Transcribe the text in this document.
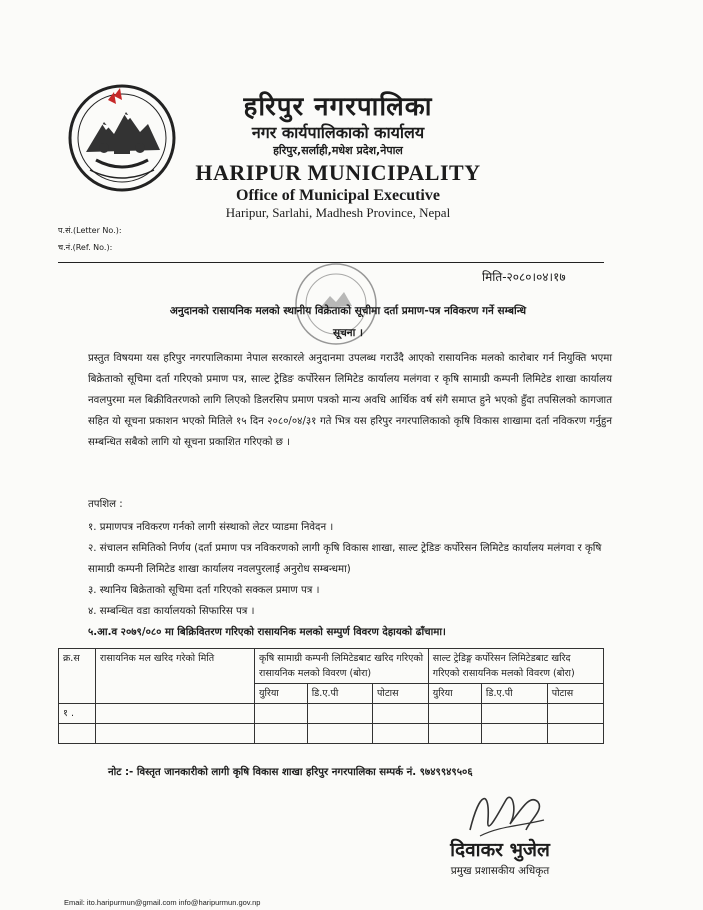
हरिपुर नगरपालिका
नगर कार्यपालिकाको कार्यालय
हरिपुर,सर्लाही,मधेश प्रदेश,नेपाल
HARIPUR MUNICIPALITY
Office of Municipal Executive
Haripur, Sarlahi, Madhesh Province, Nepal
प.सं.(Letter No.):
च.नं.(Ref. No.):
मिति-२०८०।०४।१७
अनुदानको रासायनिक मलको स्थानीय विक्रेताको सूचीमा दर्ता प्रमाण-पत्र नविकरण गर्ने सम्बन्धि
सूचना ।
प्रस्तुत विषयमा यस हरिपुर नगरपालिकामा नेपाल सरकारले अनुदानमा उपलब्ध गराउँदै आएको रासायनिक मलको कारोबार गर्न नियुक्ति भएमा बिक्रेताको सूचिमा दर्ता गरिएको प्रमाण पत्र, साल्ट ट्रेडिङ कर्पोरेसन लिमिटेड कार्यालय मलंगवा र कृषि सामाग्री कम्पनी लिमिटेड शाखा कार्यालय नवलपुरमा मल बिक्रीवितरणको लागि लिएको डिलरसिप प्रमाण पत्रको मान्य अवधि आर्थिक वर्ष संगै समाप्त हुने भएको हुँदा तपसिलको कागजात सहित यो सूचना प्रकाशन भएको मितिले १५ दिन २०८०/०४/३१ गते भित्र यस हरिपुर नगरपालिकाको कृषि विकास शाखामा दर्ता नविकरण गर्नुहुन सम्बन्धित सबैको लागि यो सूचना प्रकाशित गरिएको छ ।
तपशिल :
१. प्रमाणपत्र नविकरण गर्नको लागी संस्थाको लेटर प्याडमा निवेदन ।
२. संचालन समितिको निर्णय (दर्ता प्रमाण पत्र नविकरणको लागी कृषि विकास शाखा, साल्ट ट्रेडिङ कर्पोरेसन लिमिटेड कार्यालय मलंगवा र कृषि सामाग्री कम्पनी लिमिटेड शाखा कार्यालय नवलपुरलाई अनुरोध सम्बन्धमा)
३. स्थानिय बिक्रेताको सूचिमा दर्ता गरिएको सक्कल प्रमाण पत्र ।
४. सम्बन्धित वडा कार्यालयको सिफारिस पत्र ।
५.आ.व २०७९/०८० मा बिक्रिवितरण गरिएको रासायनिक मलको सम्पुर्ण विवरण देहायको ढाँचामा।
क्र.स	रासायनिक मल खरिद गरेको मिति	कृषि सामाग्री कम्पनी लिमिटेडबाट खरिद गरिएको रासायनिक मलको विवरण (बोरा)			साल्ट ट्रेडिङ्ग कर्पोरेसन लिमिटेडबाट खरिद गरिएको रासायनिक मलको विवरण (बोरा)		
		युरिया	डि.ए.पी	पोटास	युरिया	डि.ए.पी	पोटास
१ .							

नोट :- विस्तृत जानकारीको लागी कृषि विकास शाखा हरिपुर नगरपालिका सम्पर्क नं. ९७४९९४९५०६
दिवाकर भुजेल
प्रमुख प्रशासकीय अधिकृत
Email: ito.haripurmun@gmail.com info@haripurmun.gov.np
